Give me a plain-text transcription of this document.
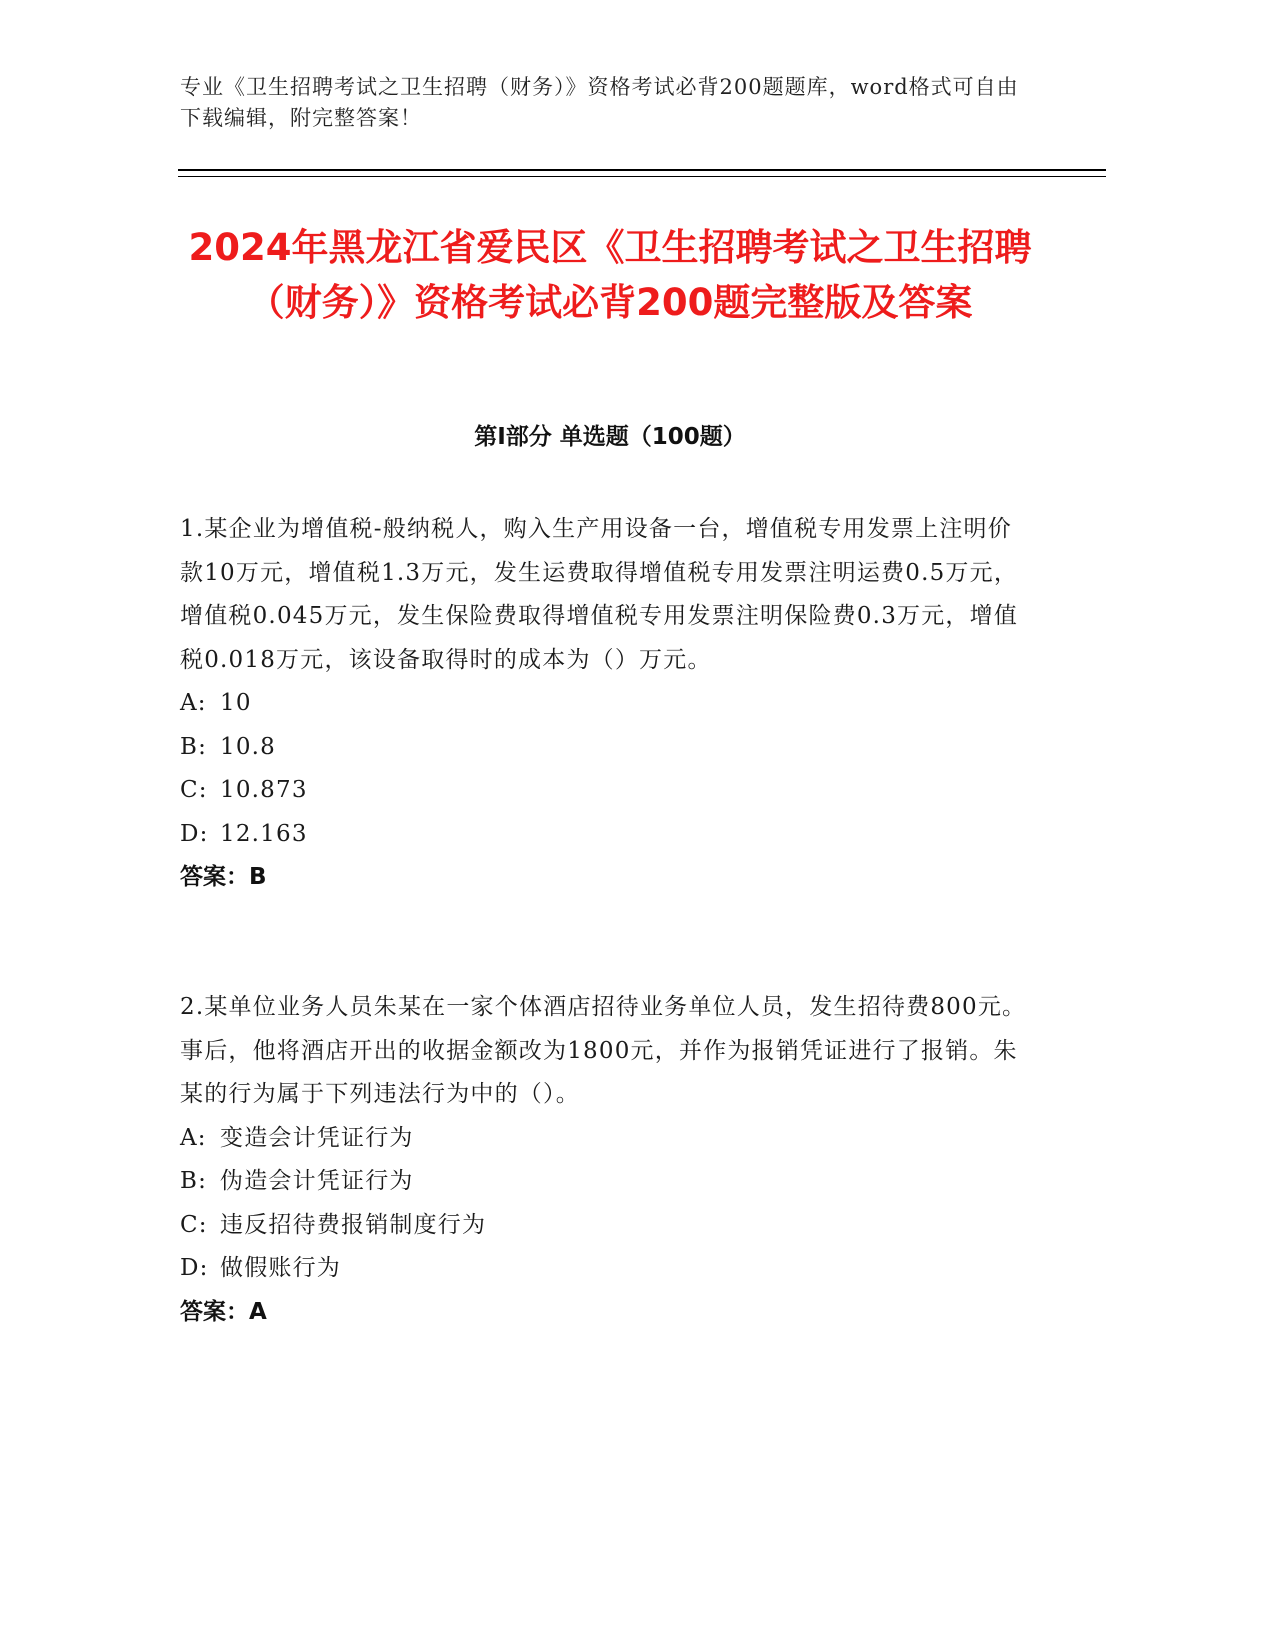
专业《卫生招聘考试之卫生招聘（财务）》资格考试必背200题题库，word格式可自由下载编辑，附完整答案！
2024年黑龙江省爱民区《卫生招聘考试之卫生招聘（财务）》资格考试必背200题完整版及答案
第Ⅰ部分 单选题（100题）

1.某企业为增值税-般纳税人，购入生产用设备一台，增值税专用发票上注明价款10万元，增值税1.3万元，发生运费取得增值税专用发票注明运费0.5万元，增值税0.045万元，发生保险费取得增值税专用发票注明保险费0.3万元，增值税0.018万元，该设备取得时的成本为（）万元。

A: 10

B: 10.8

C: 10.873

D: 12.163

答案：B

2.某单位业务人员朱某在一家个体酒店招待业务单位人员，发生招待费800元。事后，他将酒店开出的收据金额改为1800元，并作为报销凭证进行了报销。朱某的行为属于下列违法行为中的（）。

A: 变造会计凭证行为

B: 伪造会计凭证行为

C: 违反招待费报销制度行为

D: 做假账行为

答案：A
